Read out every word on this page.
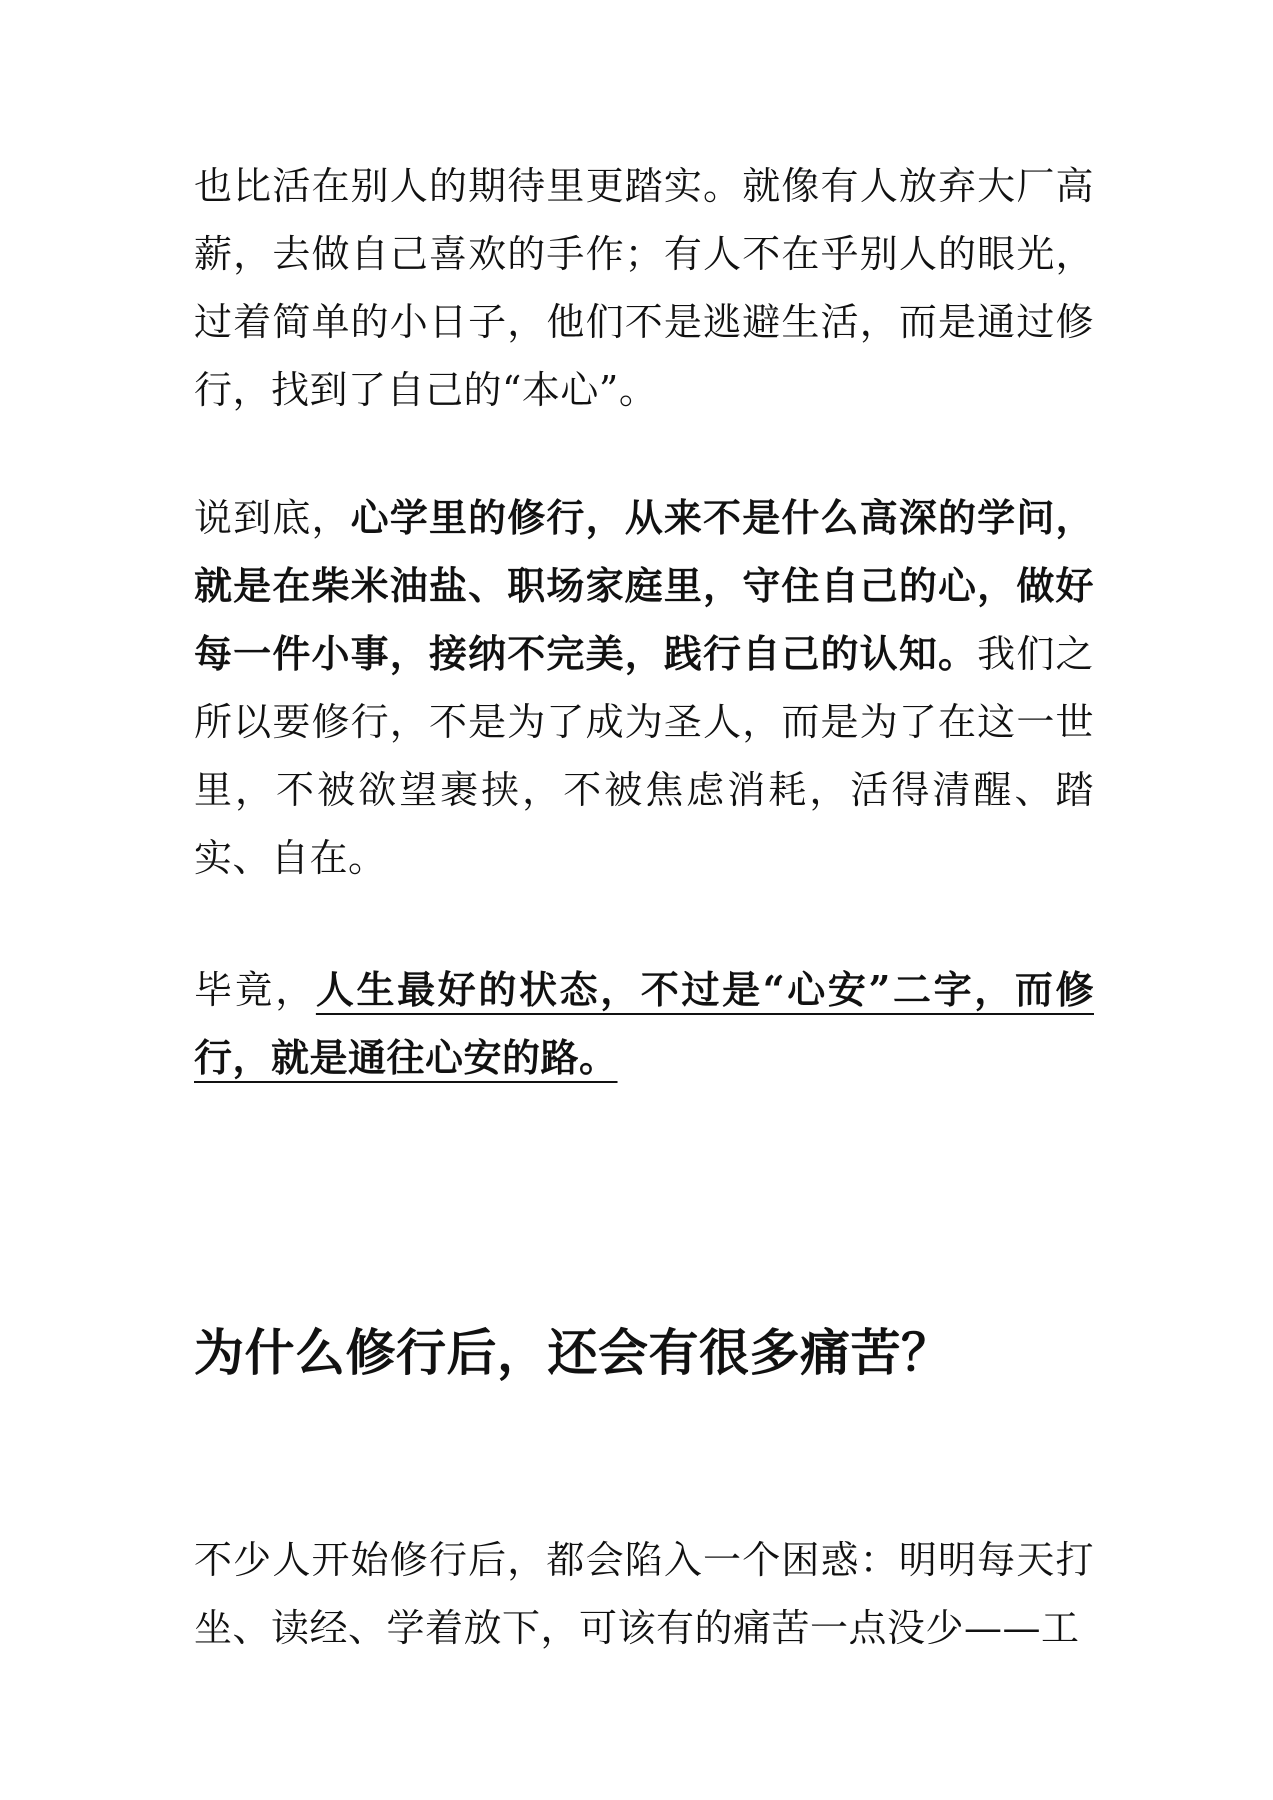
也比活在别人的期待里更踏实。就像有人放弃大厂高薪，去做自己喜欢的手作；有人不在乎别人的眼光，过着简单的小日子，他们不是逃避生活，而是通过修行，找到了自己的“本心”。

说到底，心学里的修行，从来不是什么高深的学问，就是在柴米油盐、职场家庭里，守住自己的心，做好每一件小事，接纳不完美，践行自己的认知。我们之所以要修行，不是为了成为圣人，而是为了在这一世里，不被欲望裹挟，不被焦虑消耗，活得清醒、踏实、自在。

毕竟，人生最好的状态，不过是“心安”二字，而修行，就是通往心安的路。

为什么修行后，还会有很多痛苦？

不少人开始修行后，都会陷入一个困惑：明明每天打坐、读经、学着放下，可该有的痛苦一点没少——工
